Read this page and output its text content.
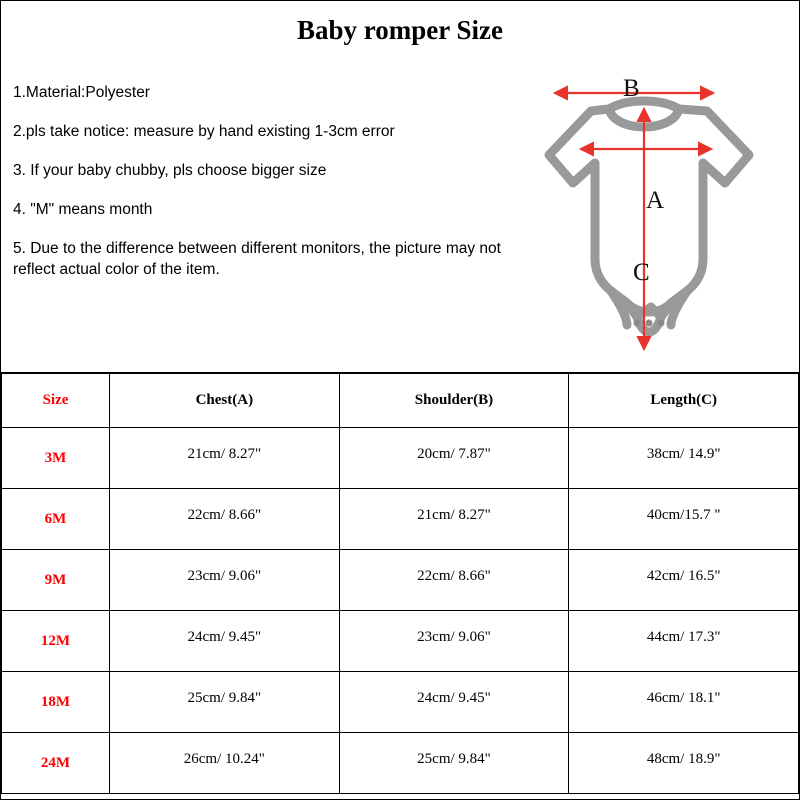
Baby romper Size
1.Material:Polyester
2.pls take notice: measure by hand existing 1-3cm error
3. If your baby chubby, pls choose bigger size
4. "M" means month
5. Due to the difference between different monitors, the picture may not reflect actual color of the item.
B
A
C
Size	Chest(A)	Shoulder(B)	Length(C)
3M	21cm/ 8.27"	20cm/ 7.87"	38cm/ 14.9"
6M	22cm/ 8.66"	21cm/ 8.27"	40cm/15.7 "
9M	23cm/ 9.06"	22cm/ 8.66"	42cm/ 16.5"
12M	24cm/ 9.45"	23cm/ 9.06"	44cm/ 17.3"
18M	25cm/ 9.84"	24cm/ 9.45"	46cm/ 18.1"
24M	26cm/ 10.24"	25cm/ 9.84"	48cm/ 18.9"
